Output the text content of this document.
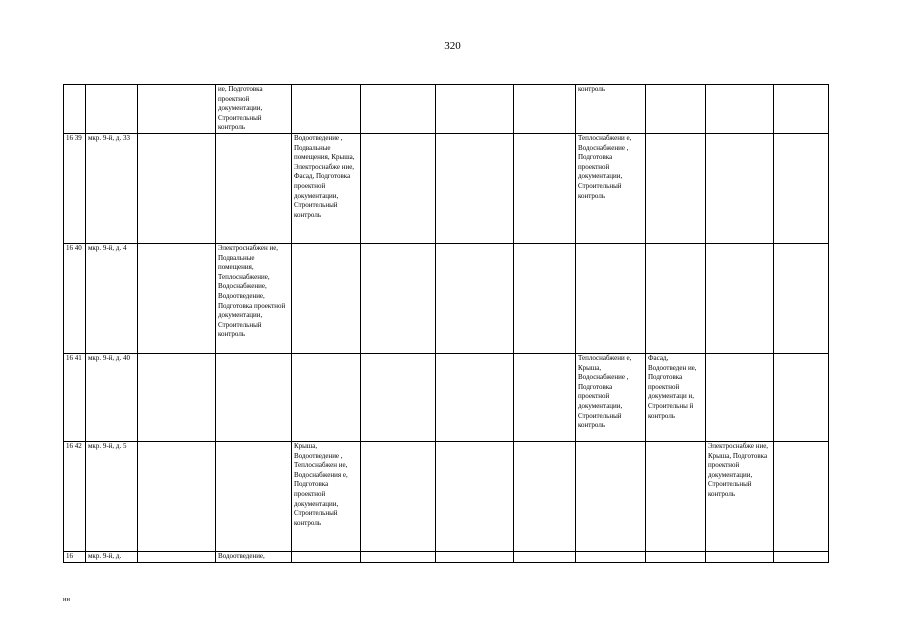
320
			ие, Подготовка проектной документации, Строительный контроль					контроль			
16 39	мкр. 9-й, д. 33			Водоотведение , Подвальные помещения, Крыша, Электроснабже ние, Фасад, Подготовка проектной документации, Строительный контроль				Теплоснабжени е, Водоснабжение , Подготовка проектной документации, Строительный контроль			
16 40	мкр. 9-й, д. 4		Электроснабжен ие, Подвальные помещения, Теплоснабжение, Водоснабжение, Водоотведение, Подготовка проектной документации, Строительный контроль								
16 41	мкр. 9-й, д. 40							Теплоснабжени е, Крыша, Водоснабжение , Подготовка проектной документации, Строительный контроль	Фасад, Водоотведен ие, Подготовка проектной документаци и, Строительны й контроль		
16 42	мкр. 9-й, д. 5			Крыша, Водоотведение , Теплоснабжен ие, Водоснабжения е, Подготовка проектной документации, Строительный контроль						Электроснабже ние, Крыша, Подготовка проектной документации, Строительный контроль	
16	мкр. 9-й, д.		Водоотведение,								
нн
